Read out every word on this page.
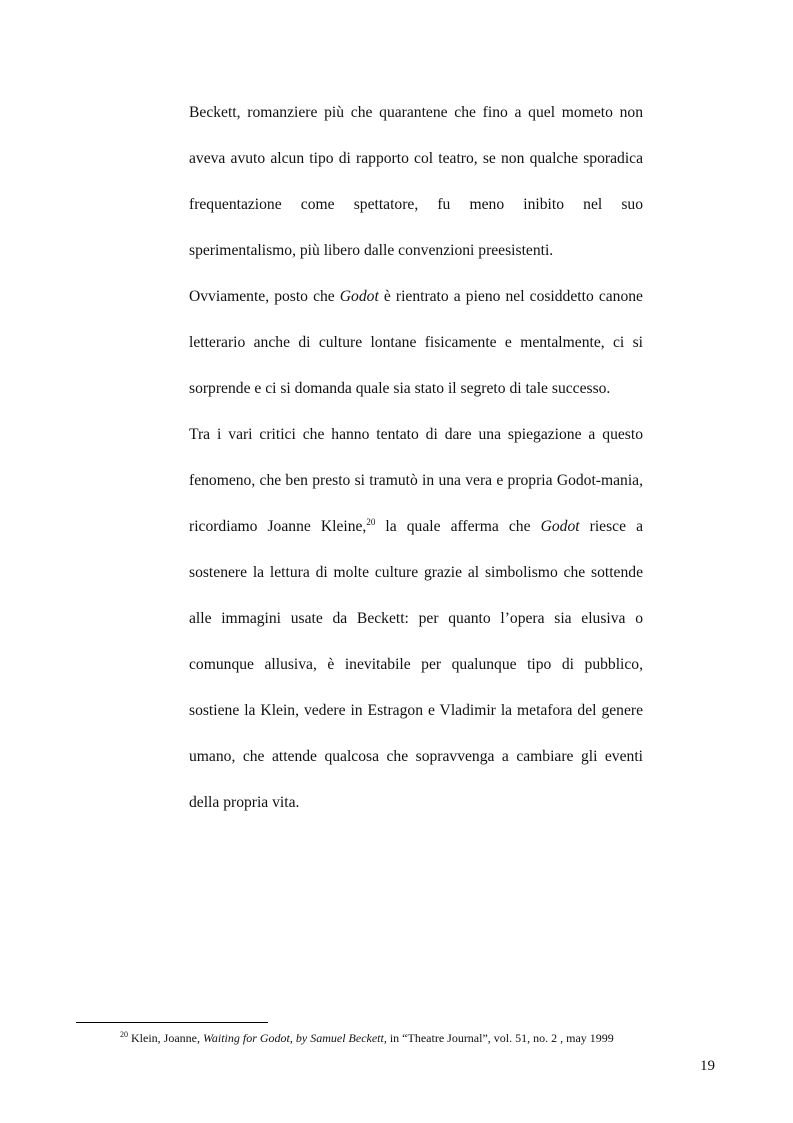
Beckett, romanziere più che quarantene che fino a quel mometo non aveva avuto alcun tipo di rapporto col teatro, se non qualche sporadica frequentazione come spettatore, fu meno inibito nel suo sperimentalismo, più libero dalle convenzioni preesistenti.

Ovviamente, posto che Godot è rientrato a pieno nel cosiddetto canone letterario anche di culture lontane fisicamente e mentalmente, ci si sorprende e ci si domanda quale sia stato il segreto di tale successo.

Tra i vari critici che hanno tentato di dare una spiegazione a questo fenomeno, che ben presto si tramutò in una vera e propria Godot-mania, ricordiamo Joanne Kleine,$^{20}$ la quale afferma che Godot riesce a sostenere la lettura di molte culture grazie al simbolismo che sottende alle immagini usate da Beckett: per quanto l’opera sia elusiva o comunque allusiva, è inevitabile per qualunque tipo di pubblico, sostiene la Klein, vedere in Estragon e Vladimir la metafora del genere umano, che attende qualcosa che sopravvenga a cambiare gli eventi della propria vita.

$^{20}$ Klein, Joanne, Waiting for Godot, by Samuel Beckett, in “Theatre Journal”, vol. 51, no. 2 , may 1999
19
